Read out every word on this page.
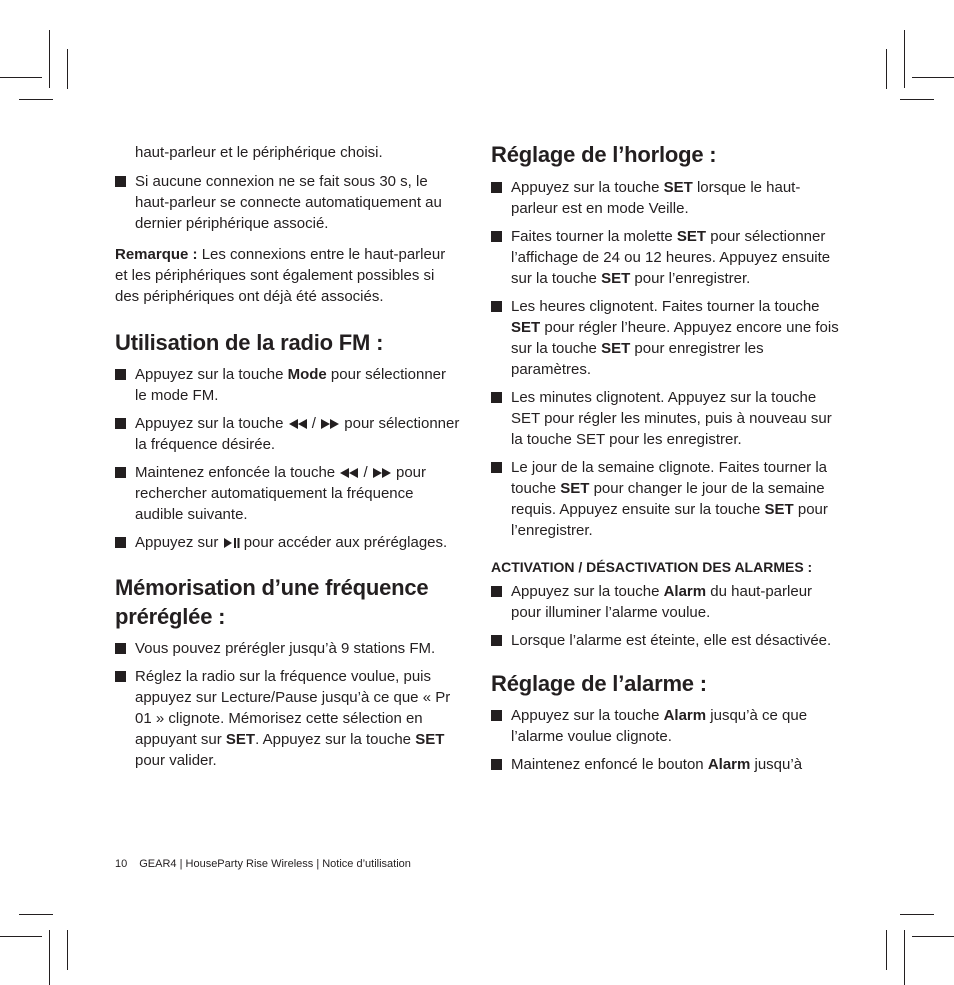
haut-parleur et le périphérique choisi.

Si aucune connexion ne se fait sous 30 s, le haut-parleur se connecte automatiquement au dernier périphérique associé.

Remarque : Les connexions entre le haut-parleur et les périphériques sont également possibles si des périphériques ont déjà été associés.

Utilisation de la radio FM :
Appuyez sur la touche Mode pour sélectionner le mode FM.
Appuyez sur la touche
/
pour sélectionner la fréquence désirée.
Maintenez enfoncée la touche
/
pour rechercher automatiquement la fréquence audible suivante.
Appuyez sur
pour accéder aux préréglages.
Mémorisation d’une fréquence préréglée :
Vous pouvez prérégler jusqu’à 9 stations FM.
Réglez la radio sur la fréquence voulue, puis appuyez sur Lecture/Pause jusqu’à ce que « Pr 01 » clignote. Mémorisez cette sélection en appuyant sur SET. Appuyez sur la touche SET pour valider.
Réglage de l’horloge :
Appuyez sur la touche SET lorsque le haut-parleur est en mode Veille.
Faites tourner la molette SET pour sélectionner l’affichage de 24 ou 12 heures. Appuyez ensuite sur la touche SET pour l’enregistrer.
Les heures clignotent. Faites tourner la touche SET pour régler l’heure. Appuyez encore une fois sur la touche SET pour enregistrer les paramètres.
Les minutes clignotent. Appuyez sur la touche SET pour régler les minutes, puis à nouveau sur la touche SET pour les enregistrer.
Le jour de la semaine clignote. Faites tourner la touche SET pour changer le jour de la semaine requis. Appuyez ensuite sur la touche SET pour l’enregistrer.
ACTIVATION / DÉSACTIVATION DES ALARMES :
Appuyez sur la touche Alarm du haut-parleur pour illuminer l’alarme voulue.
Lorsque l’alarme est éteinte, elle est désactivée.
Réglage de l’alarme :
Appuyez sur la touche Alarm jusqu’à ce que l’alarme voulue clignote.
Maintenez enfoncé le bouton Alarm jusqu’à
10 GEAR4 | HouseParty Rise Wireless | Notice d’utilisation
